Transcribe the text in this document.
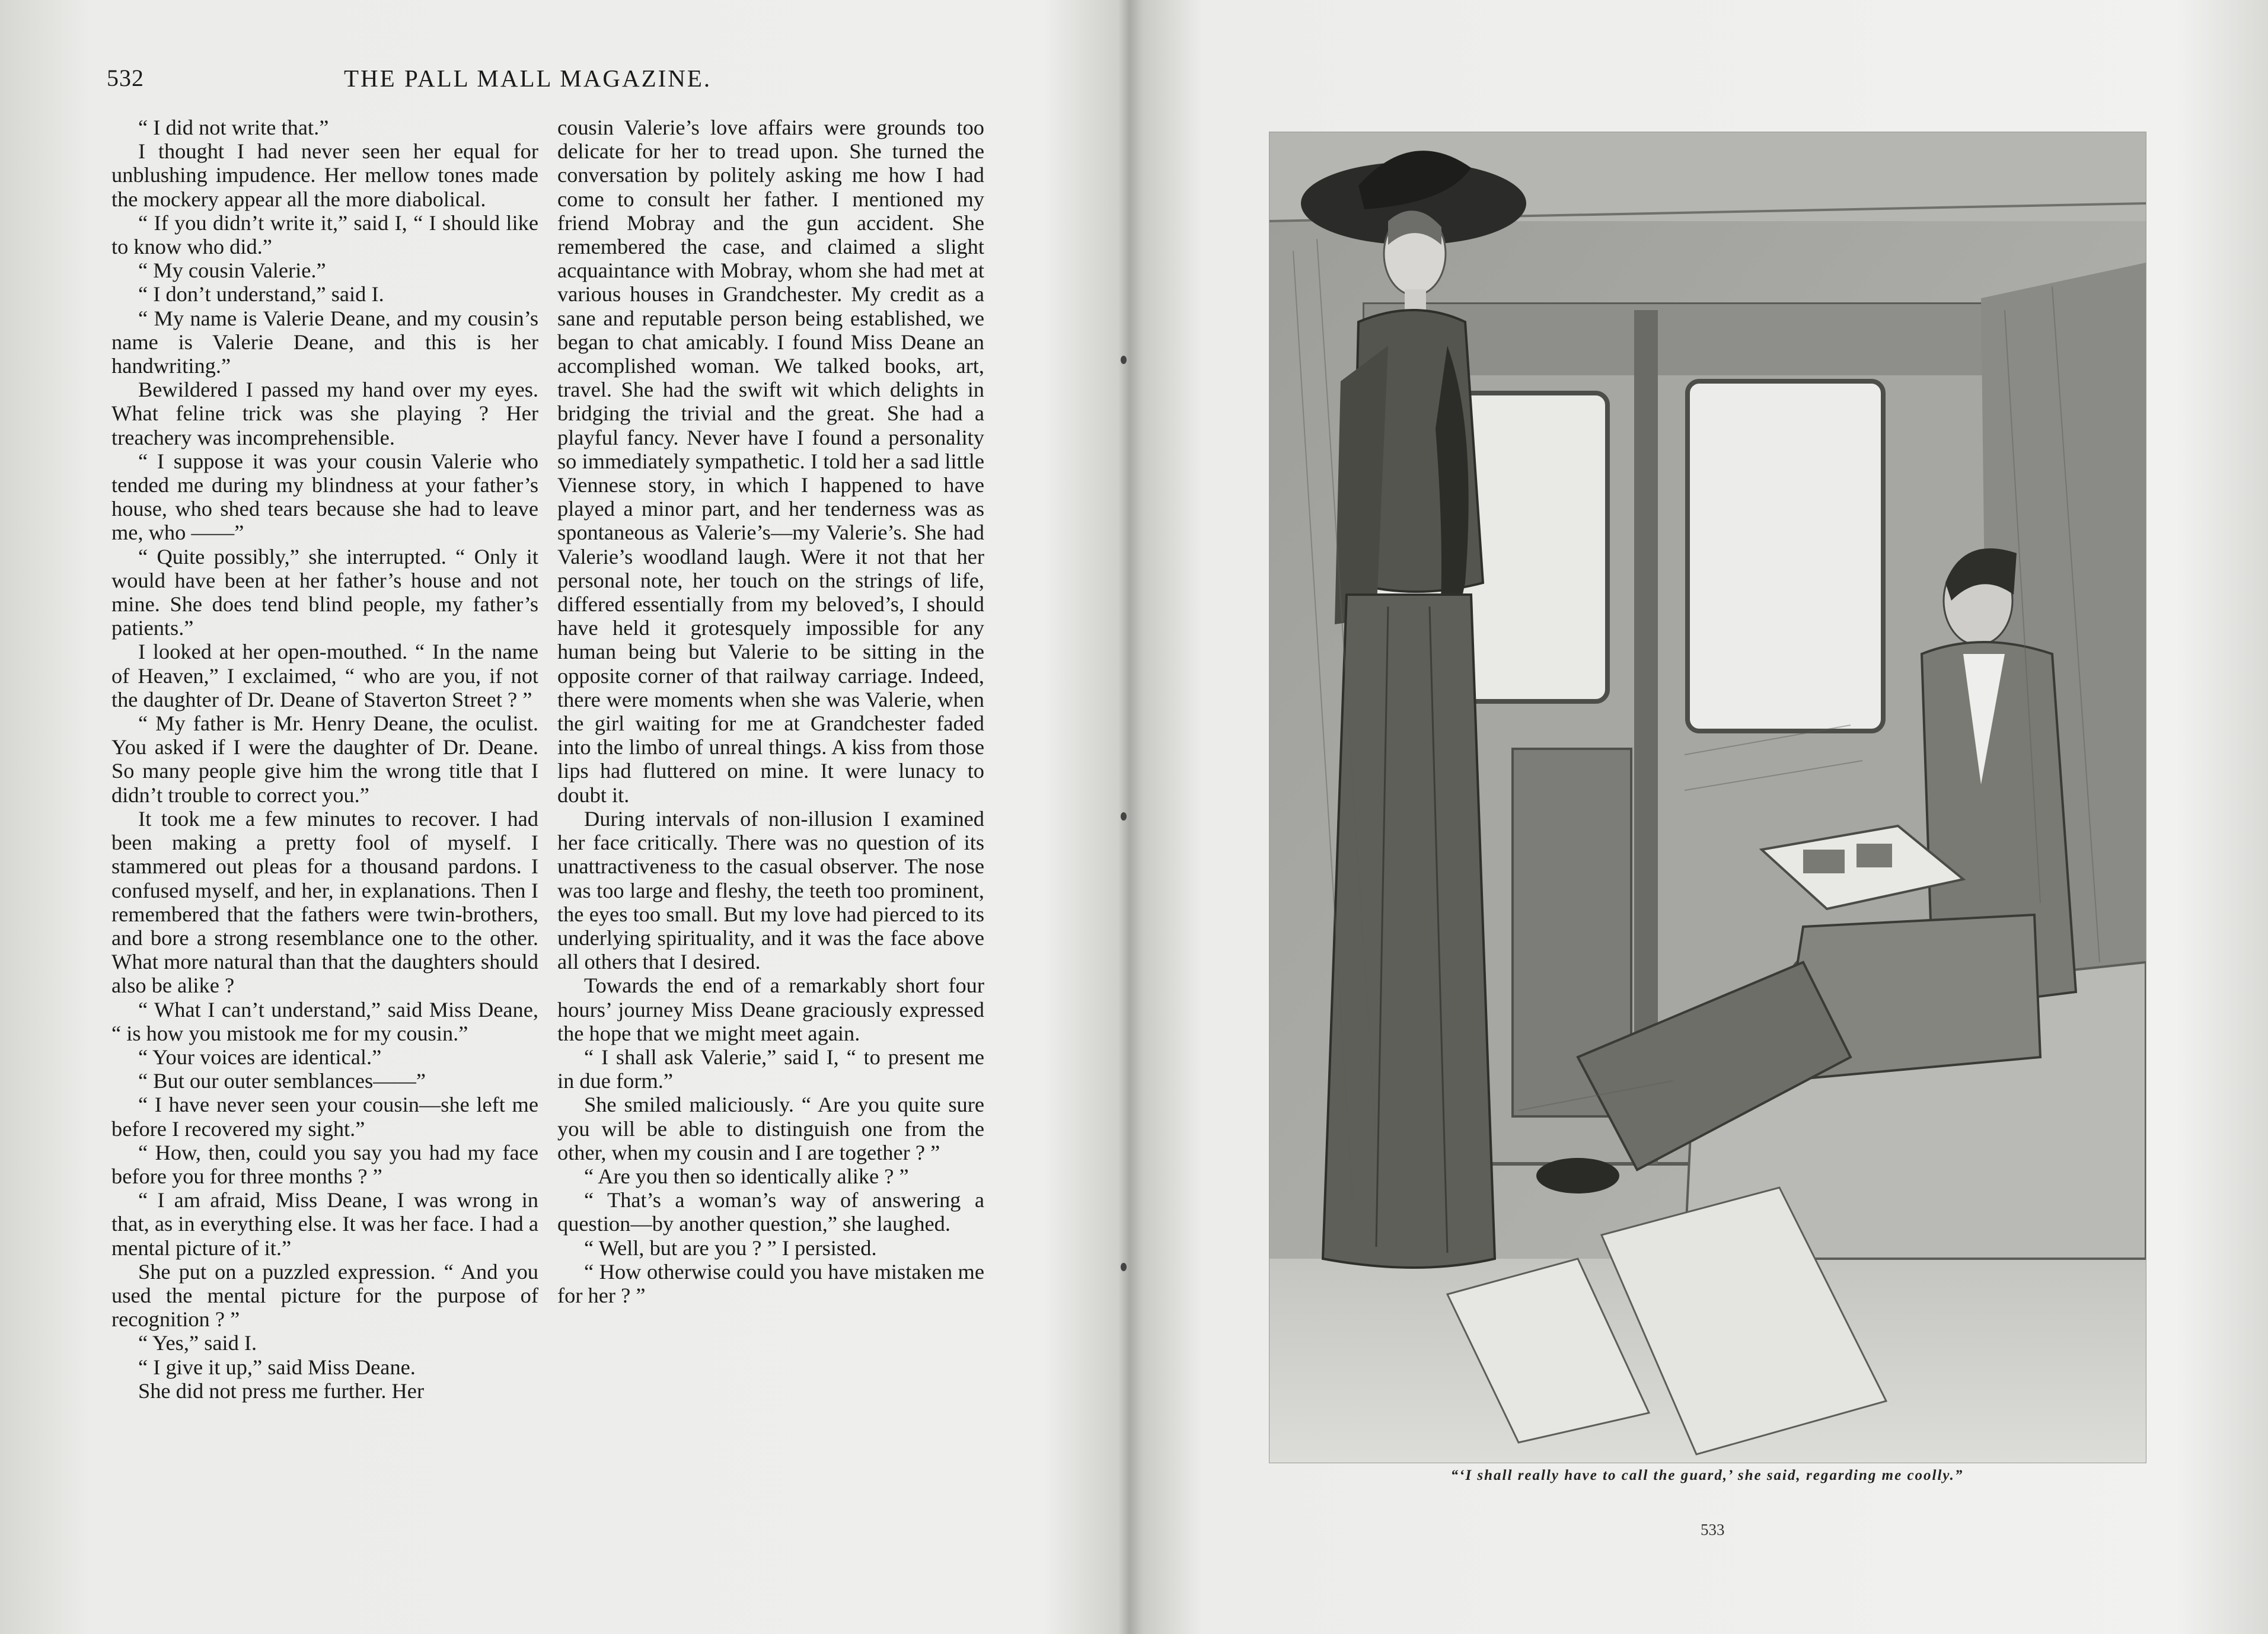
532	THE PALL MALL MAGAZINE.

“ I did not write that.”

I thought I had never seen her equal for unblushing impudence. Her mellow tones made the mockery appear all the more diabolical.

“ If you didn’t write it,” said I, “ I should like to know who did.”

“ My cousin Valerie.”

“ I don’t understand,” said I.

“ My name is Valerie Deane, and my cousin’s name is Valerie Deane, and this is her handwriting.”

Bewildered I passed my hand over my eyes. What feline trick was she playing ? Her treachery was incomprehensible.

“ I suppose it was your cousin Valerie who tended me during my blindness at your father’s house, who shed tears because she had to leave me, who ——”

“ Quite possibly,” she interrupted. “ Only it would have been at her father’s house and not mine. She does tend blind people, my father’s patients.”

I looked at her open-mouthed. “ In the name of Heaven,” I exclaimed, “ who are you, if not the daughter of Dr. Deane of Staverton Street ? ”

“ My father is Mr. Henry Deane, the oculist. You asked if I were the daughter of Dr. Deane. So many people give him the wrong title that I didn’t trouble to correct you.”

It took me a few minutes to recover. I had been making a pretty fool of myself. I stammered out pleas for a thousand pardons. I confused myself, and her, in explanations. Then I remembered that the fathers were twin-brothers, and bore a strong resemblance one to the other. What more natural than that the daughters should also be alike ?

“ What I can’t understand,” said Miss Deane, “ is how you mistook me for my cousin.”

“ Your voices are identical.”

“ But our outer semblances——”

“ I have never seen your cousin—she left me before I recovered my sight.”

“ How, then, could you say you had my face before you for three months ? ”

“ I am afraid, Miss Deane, I was wrong in that, as in everything else. It was her face. I had a mental picture of it.”

She put on a puzzled expression. “ And you used the mental picture for the purpose of recognition ? ”

“ Yes,” said I.

“ I give it up,” said Miss Deane.

She did not press me further. Her

cousin Valerie’s love affairs were grounds too delicate for her to tread upon. She turned the conversation by politely asking me how I had come to consult her father. I mentioned my friend Mobray and the gun accident. She remembered the case, and claimed a slight acquaintance with Mobray, whom she had met at various houses in Grandchester. My credit as a sane and reputable person being established, we began to chat amicably. I found Miss Deane an accomplished woman. We talked books, art, travel. She had the swift wit which delights in bridging the trivial and the great. She had a playful fancy. Never have I found a personality so immediately sympathetic. I told her a sad little Viennese story, in which I happened to have played a minor part, and her tenderness was as spontaneous as Valerie’s—my Valerie’s. She had Valerie’s woodland laugh. Were it not that her personal note, her touch on the strings of life, differed essentially from my beloved’s, I should have held it grotesquely impossible for any human being but Valerie to be sitting in the opposite corner of that railway carriage. Indeed, there were moments when she was Valerie, when the girl waiting for me at Grandchester faded into the limbo of unreal things. A kiss from those lips had fluttered on mine. It were lunacy to doubt it.

During intervals of non-illusion I examined her face critically. There was no question of its unattractiveness to the casual observer. The nose was too large and fleshy, the teeth too prominent, the eyes too small. But my love had pierced to its underlying spirituality, and it was the face above all others that I desired.

Towards the end of a remarkably short four hours’ journey Miss Deane graciously expressed the hope that we might meet again.

“ I shall ask Valerie,” said I, “ to present me in due form.”

She smiled maliciously. “ Are you quite sure you will be able to distinguish one from the other, when my cousin and I are together ? ”

“ Are you then so identically alike ? ”

“ That’s a woman’s way of answering a question—by another question,” she laughed.

“ Well, but are you ? ” I persisted.

“ How otherwise could you have mistaken me for her ? ”

“‘I shall really have to call the guard,’ she said, regarding me coolly.”
533
